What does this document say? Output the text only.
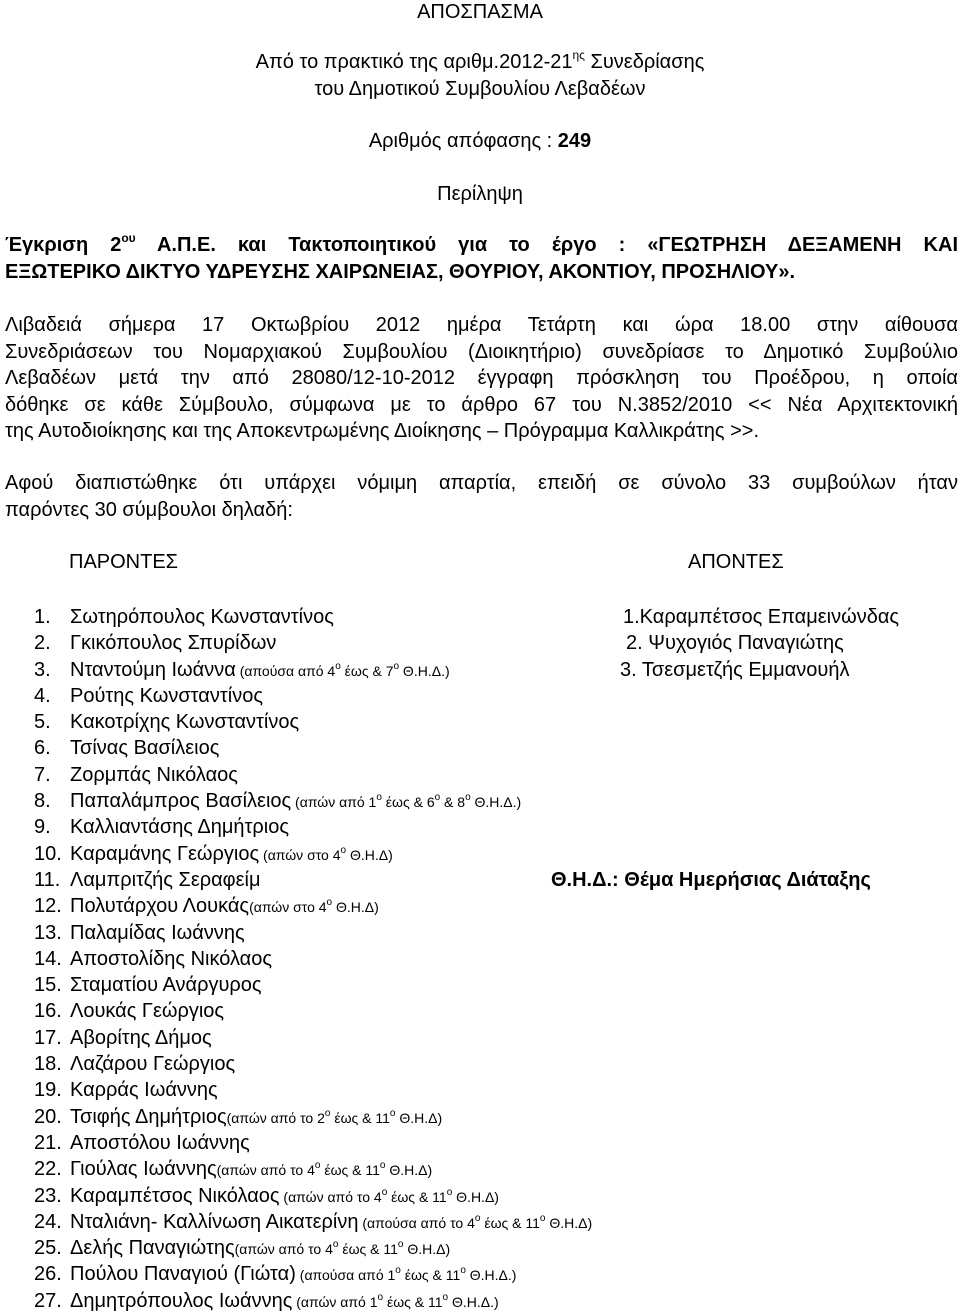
ΑΠΟΣΠΑΣΜΑ
Από το πρακτικό της $\alpha\rho\iota\theta\mu.2012-21^{\eta\varsigma}$ Συνεδρίασης
του Δημοτικού Συμβουλίου Λεβαδέων
Αριθμός απόφασης : 249
Περίληψη
Έγκριση $2^{o\upsilon}$ Α.Π.Ε. και Τακτοποιητικού για το έργο : «ΓΕΩΤΡΗΣΗ ΔΕΞΑΜΕΝΗ ΚΑΙ
ΕΞΩΤΕΡΙΚΟ ΔΙΚΤΥΟ ΥΔΡΕΥΣΗΣ ΧΑΙΡΩΝΕΙΑΣ, ΘΟΥΡΙΟΥ, ΑΚΟΝΤΙΟΥ, ΠΡΟΣΗΛΙΟΥ».
Λιβαδειά σήμερα 17 Οκτωβρίου 2012 ημέρα Τετάρτη και ώρα 18.00 στην αίθουσα
Συνεδριάσεων του Νομαρχιακού Συμβουλίου (Διοικητήριο) συνεδρίασε το Δημοτικό Συμβούλιο
Λεβαδέων μετά την από 28080/12-10-2012 έγγραφη πρόσκληση του Προέδρου, η οποία
δόθηκε σε κάθε Σύμβουλο, σύμφωνα με το άρθρο 67 του Ν.3852/2010 << Νέα Αρχιτεκτονική
της Αυτοδιοίκησης και της Αποκεντρωμένης Διοίκησης – Πρόγραμμα Καλλικράτης >>.
Αφού διαπιστώθηκε ότι υπάρχει νόμιμη απαρτία, επειδή σε σύνολο 33 συμβούλων ήταν
παρόντες 30 σύμβουλοι δηλαδή:
ΠΑΡΟΝΤΕΣ	ΑΠΟΝΤΕΣ
1. Σωτηρόπουλος Κωνσταντίνος
2. Γκικόπουλος Σπυρίδων
3. Νταντούμη Ιωάννα (απούσα από $4^o$ έως & $7^o$ Θ.Η.Δ.)
4. Ρούτης Κωνσταντίνος
5. Κακοτρίχης Κωνσταντίνος
6. Τσίνας Βασίλειος
7. Ζορμπάς Νικόλαος
8. Παπαλάμπρος Βασίλειος (απών από $1^o$ έως & $6^o$ & $8^o$ Θ.Η.Δ.)
9. Καλλιαντάσης Δημήτριος
10. Καραμάνης Γεώργιος (απών στο $4^o$ Θ.Η.Δ)
11. Λαμπριτζής Σεραφείμ
12. Πολυτάρχου Λουκάς(απών στο $4^o$ Θ.Η.Δ)
13. Παλαμίδας Ιωάννης
14. Αποστολίδης Νικόλαος
15. Σταματίου Ανάργυρος
16. Λουκάς Γεώργιος
17. Αβορίτης Δήμος
18. Λαζάρου Γεώργιος
19. Καρράς Ιωάννης
20. Τσιφής Δημήτριος(απών από το $2^o$ έως & $11^o$ Θ.Η.Δ)
21. Αποστόλου Ιωάννης
22. Γιούλας Ιωάννης(απών από το $4^o$ έως & $11^o$ Θ.Η.Δ)
23. Καραμπέτσος Νικόλαος (απών από το $4^o$ έως & $11^o$ Θ.Η.Δ)
24. Νταλιάνη- Καλλίνωση Αικατερίνη (απούσα από το $4^o$ έως & $11^o$ Θ.Η.Δ)
25. Δελής Παναγιώτης(απών από το $4^o$ έως & $11^o$ Θ.Η.Δ)
26. Πούλου Παναγιού (Γιώτα) (απούσα από $1^o$ έως & $11^o$ Θ.Η.Δ.)
27. Δημητρόπουλος Ιωάννης (απών από $1^o$ έως & $11^o$ Θ.Η.Δ.)
1.Καραμπέτσος Επαμεινώνδας
2. Ψυχογιός Παναγιώτης
3. Τσεσμετζής Εμμανουήλ
Θ.Η.Δ.: Θέμα Ημερήσιας Διάταξης
